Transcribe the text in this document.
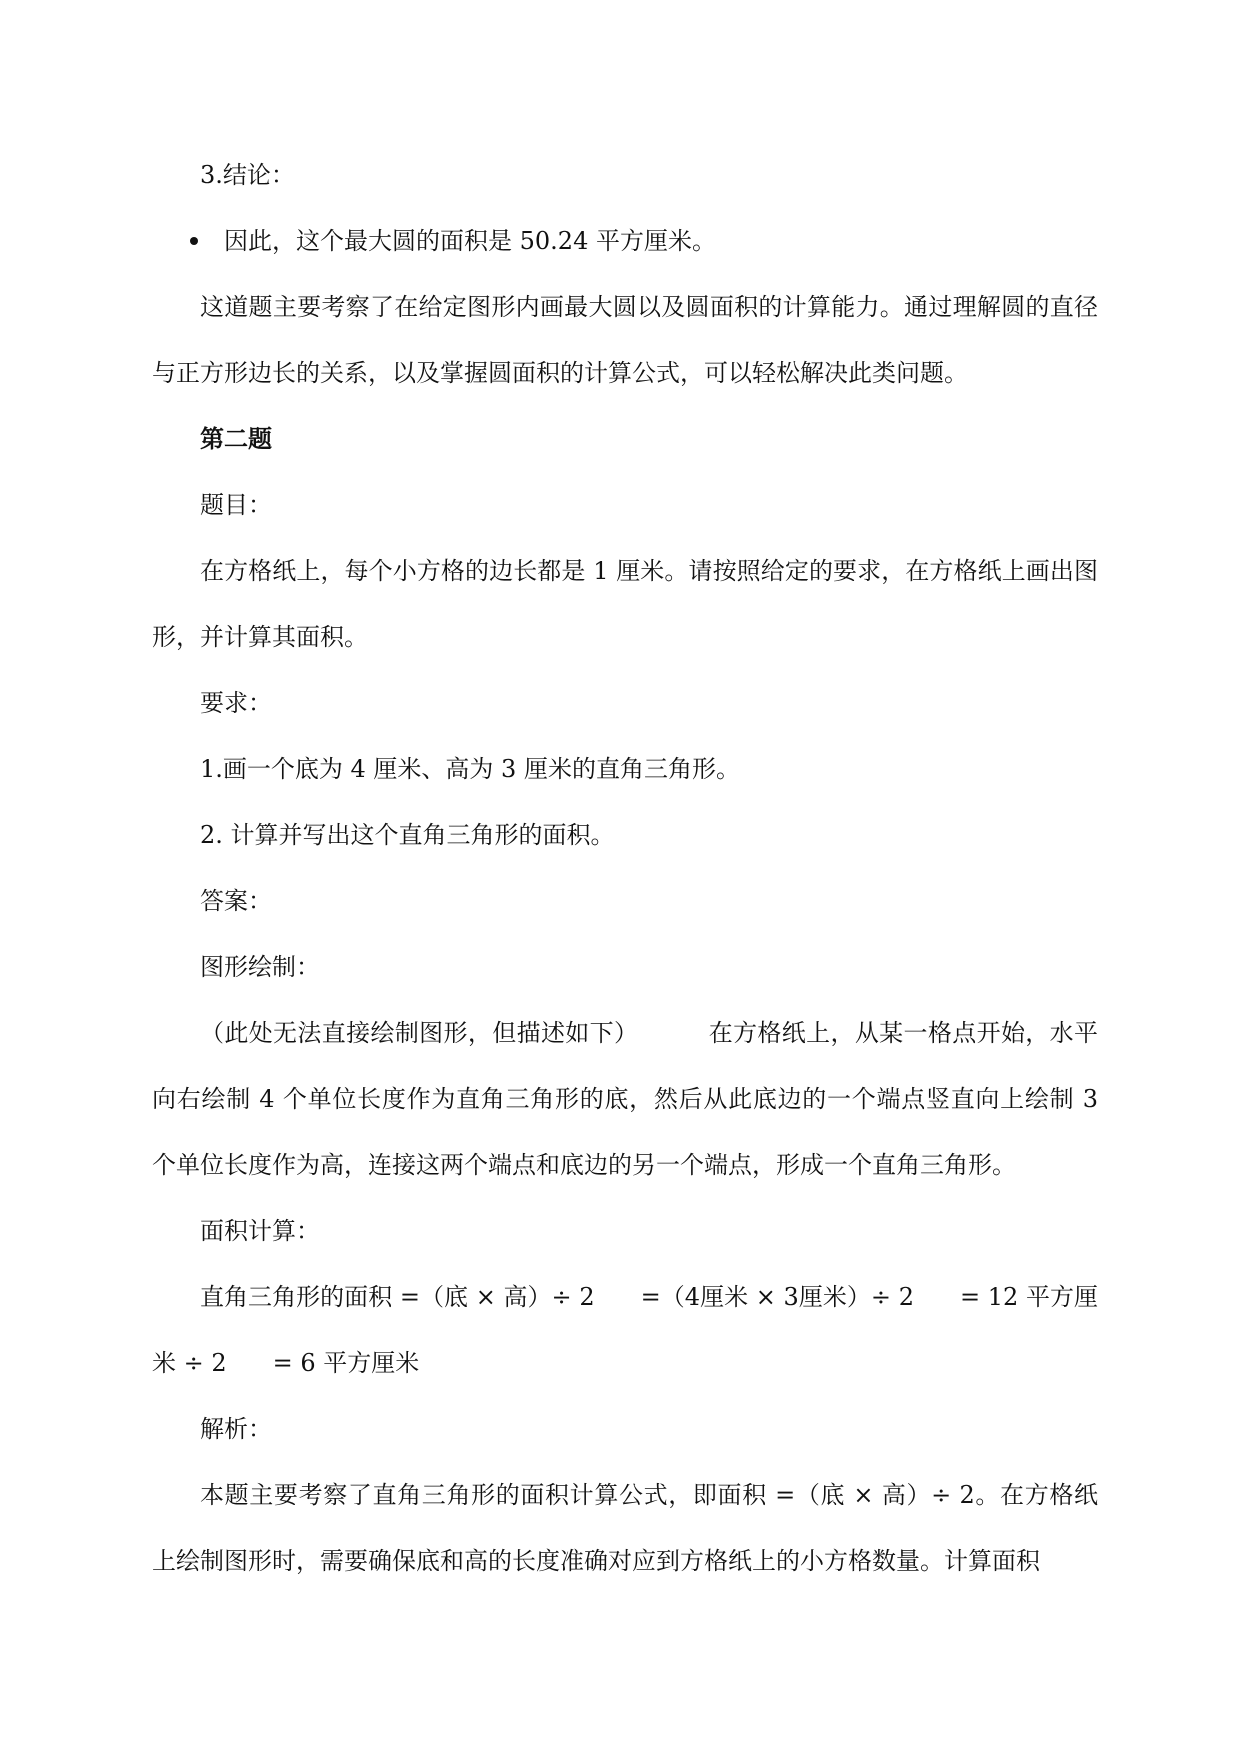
3.结论：

因此，这个最大圆的面积是 50.24 平方厘米。

这道题主要考察了在给定图形内画最大圆以及圆面积的计算能力。通过理解圆的直径与正方形边长的关系，以及掌握圆面积的计算公式，可以轻松解决此类问题。

第二题

题目：

在方格纸上，每个小方格的边长都是 1 厘米。请按照给定的要求，在方格纸上画出图形，并计算其面积。

要求：

1.画一个底为 4 厘米、高为 3 厘米的直角三角形。

2. 计算并写出这个直角三角形的面积。

答案：

图形绘制：

（此处无法直接绘制图形，但描述如下）	在方格纸上，从某一格点开始，水平向右绘制 4 个单位长度作为直角三角形的底，然后从此底边的一个端点竖直向上绘制 3 个单位长度作为高，连接这两个端点和底边的另一个端点，形成一个直角三角形。

面积计算：

直角三角形的面积 =（底 × 高）÷ 2 =（4厘米 × 3厘米）÷ 2 = 12 平方厘米 ÷ 2 = 6 平方厘米

解析：

本题主要考察了直角三角形的面积计算公式，即面积 =（底 × 高）÷ 2。在方格纸上绘制图形时，需要确保底和高的长度准确对应到方格纸上的小方格数量。计算面积
